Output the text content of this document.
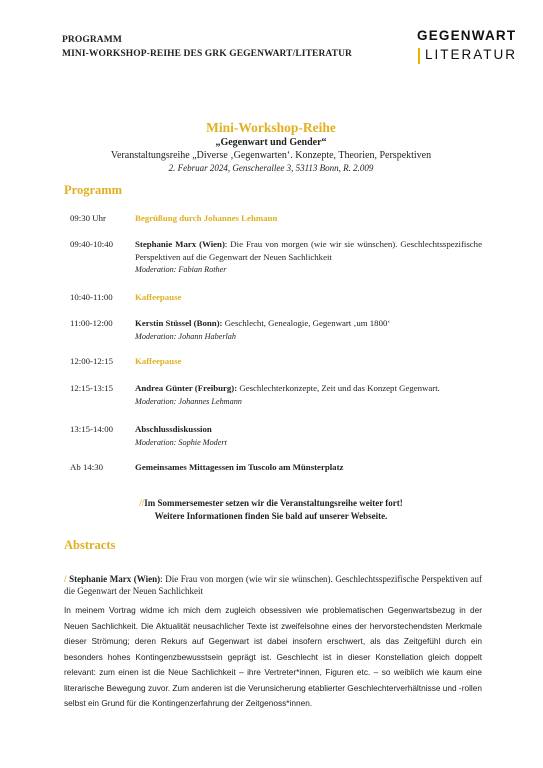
PROGRAMM
MINI-WORKSHOP-REIHE DES GRK GEGENWART/LITERATUR
GEGENWART
LITERATUR
Mini-Workshop-Reihe
„Gegenwart und Gender“
Veranstaltungsreihe „Diverse ‚Gegenwarten‘. Konzepte, Theorien, Perspektiven
2. Februar 2024, Genscherallee 3, 53113 Bonn, R. 2.009
Programm
09:30 Uhr	Begrüßung durch Johannes Lehmann
09:40-10:40	Stephanie Marx (Wien): Die Frau von morgen (wie wir sie wünschen). Geschlechtsspezifische Perspektiven auf die Gegenwart der Neuen Sachlichkeit
Moderation: Fabian Rother
10:40-11:00	Kaffeepause
11:00-12:00	Kerstin Stüssel (Bonn): Geschlecht, Genealogie, Gegenwart ‚um 1800‘
Moderation: Johann Haberlah
12:00-12:15	Kaffeepause
12:15-13:15	Andrea Günter (Freiburg): Geschlechterkonzepte, Zeit und das Konzept Gegenwart.
Moderation: Johannes Lehmann
13:15-14:00	Abschlussdiskussion
Moderation: Sophie Modert
Ab 14:30	Gemeinsames Mittagessen im Tuscolo am Münsterplatz
//Im Sommersemester setzen wir die Veranstaltungsreihe weiter fort!
Weitere Informationen finden Sie bald auf unserer Webseite.
Abstracts
/ Stephanie Marx (Wien): Die Frau von morgen (wie wir sie wünschen). Geschlechtsspezifische Perspektiven auf die Gegenwart der Neuen Sachlichkeit
In meinem Vortrag widme ich mich dem zugleich obsessiven wie problematischen Gegenwartsbezug in der Neuen Sachlichkeit. Die Aktualität neusachlicher Texte ist zweifelsohne eines der hervorstechendsten Merkmale dieser Strömung; deren Rekurs auf Gegenwart ist dabei insofern erschwert, als das Zeitgefühl durch ein besonders hohes Kontingenzbewusstsein geprägt ist. Geschlecht ist in dieser Konstellation gleich doppelt relevant: zum einen ist die Neue Sachlichkeit – ihre Vertreter*innen, Figuren etc. – so weiblich wie kaum eine literarische Bewegung zuvor. Zum anderen ist die Verunsicherung etablierter Geschlechterverhältnisse und -rollen selbst ein Grund für die Kontingenzerfahrung der Zeitgenoss*innen.
